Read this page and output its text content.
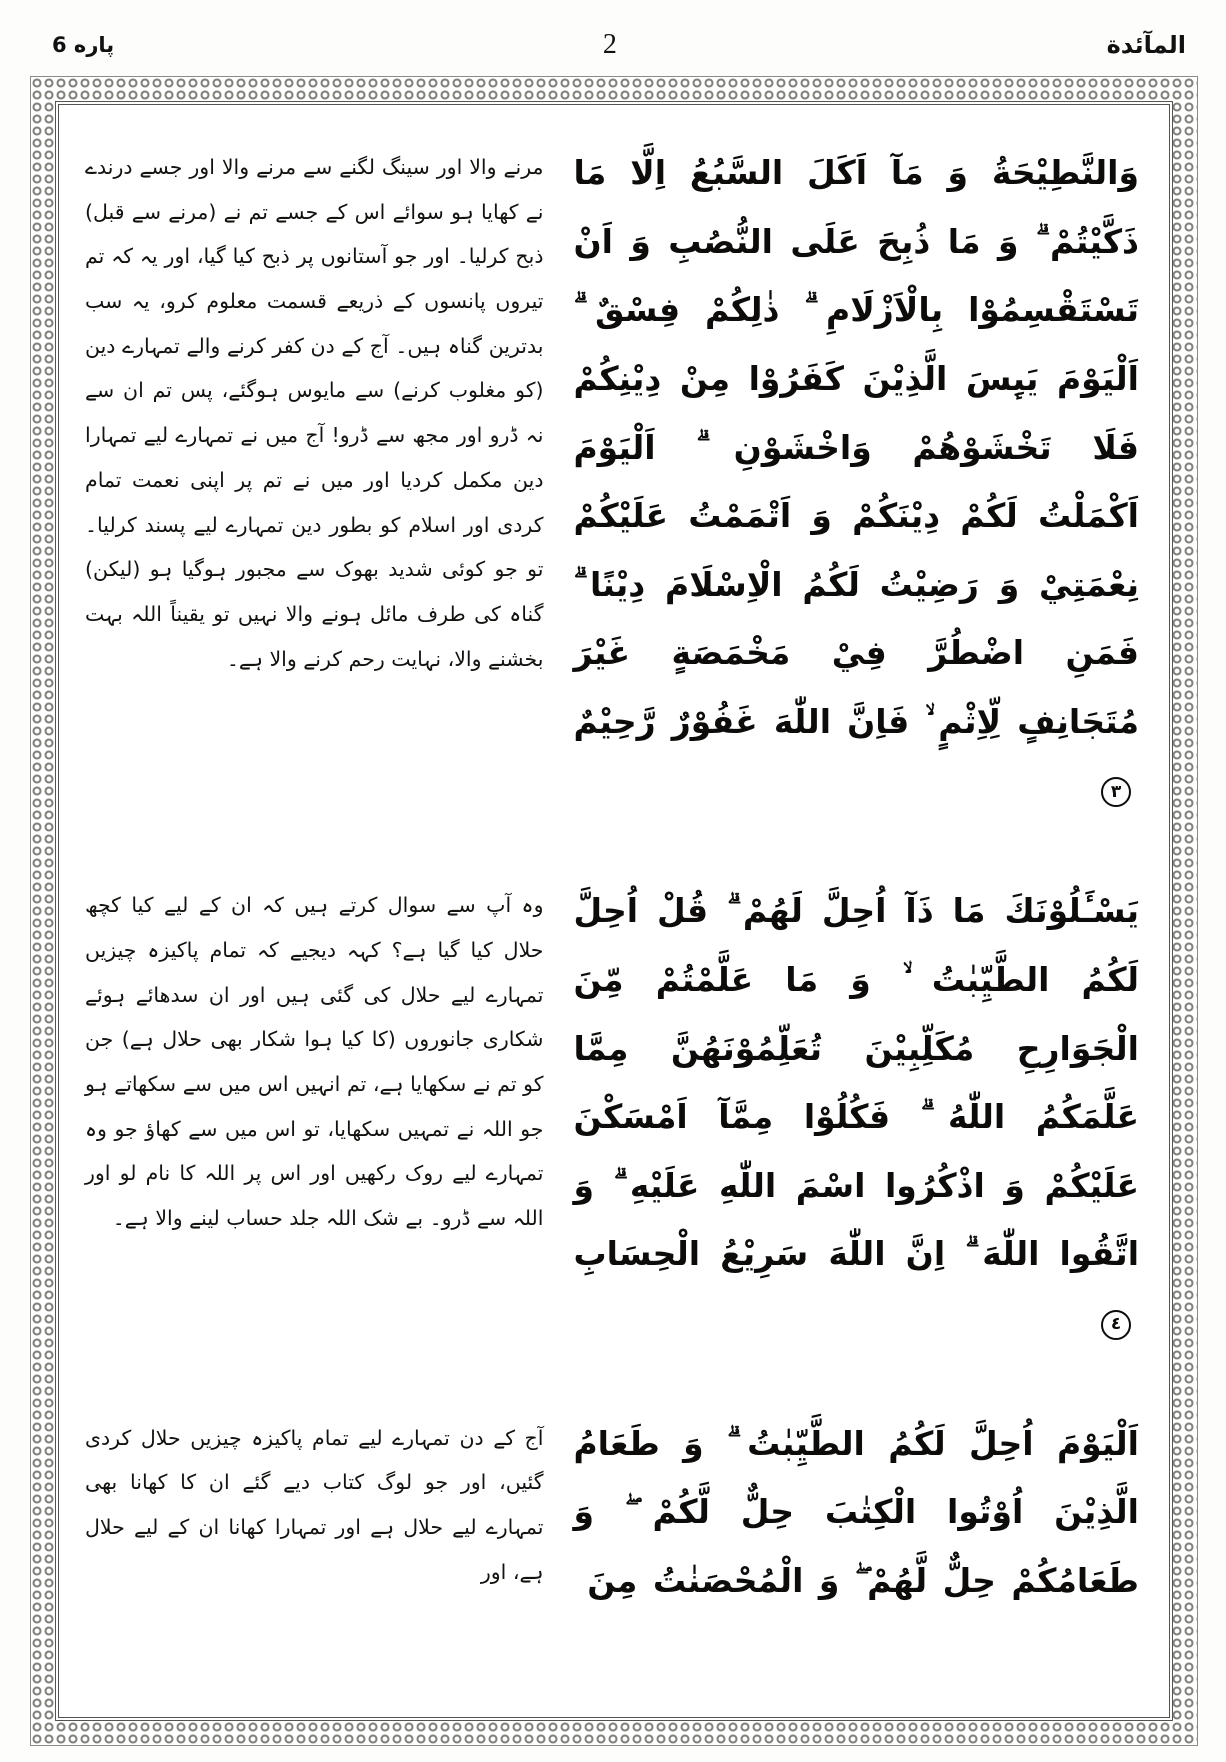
پاره 6	2	المآئدة
مرنے والا اور سینگ لگنے سے مرنے والا اور جسے درندے نے کھایا ہو سوائے اس کے جسے تم نے (مرنے سے قبل) ذبح کرلیا۔ اور جو آستانوں پر ذبح کیا گیا، اور یہ کہ تم تیروں پانسوں کے ذریعے قسمت معلوم کرو، یہ سب بدترین گناہ ہیں۔ آج کے دن کفر کرنے والے تمہارے دین (کو مغلوب کرنے) سے مایوس ہوگئے، پس تم ان سے نہ ڈرو اور مجھ سے ڈرو! آج میں نے تمہارے لیے تمہارا دین مکمل کردیا اور میں نے تم پر اپنی نعمت تمام کردی اور اسلام کو بطور دین تمہارے لیے پسند کرلیا۔ تو جو کوئی شدید بھوک سے مجبور ہوگیا ہو (لیکن) گناہ کی طرف مائل ہونے والا نہیں تو یقیناً اللہ بہت بخشنے والا، نہایت رحم کرنے والا ہے۔
وَالنَّطِيْحَةُ وَ مَآ اَكَلَ السَّبُعُ اِلَّا مَا ذَكَّيْتُمْ ۗ وَ مَا ذُبِحَ عَلَى النُّصُبِ وَ اَنْ تَسْتَقْسِمُوْا بِالْاَزْلَامِ ۗ ذٰلِكُمْ فِسْقٌ ۗ اَلْيَوْمَ يَىِٕسَ الَّذِيْنَ كَفَرُوْا مِنْ دِيْنِكُمْ فَلَا تَخْشَوْهُمْ وَاخْشَوْنِ ۗ اَلْيَوْمَ اَكْمَلْتُ لَكُمْ دِيْنَكُمْ وَ اَتْمَمْتُ عَلَيْكُمْ نِعْمَتِيْ وَ رَضِيْتُ لَكُمُ الْاِسْلَامَ دِيْنًا ۗ فَمَنِ اضْطُرَّ فِيْ مَخْمَصَةٍ غَيْرَ مُتَجَانِفٍ لِّاِثْمٍ ۙ فَاِنَّ اللّٰهَ غَفُوْرٌ رَّحِيْمٌ٣
وہ آپ سے سوال کرتے ہیں کہ ان کے لیے کیا کچھ حلال کیا گیا ہے؟ کہہ دیجیے کہ تمام پاکیزہ چیزیں تمہارے لیے حلال کی گئی ہیں اور ان سدھائے ہوئے شکاری جانوروں (کا کیا ہوا شکار بھی حلال ہے) جن کو تم نے سکھایا ہے، تم انہیں اس میں سے سکھاتے ہو جو اللہ نے تمہیں سکھایا، تو اس میں سے کھاؤ جو وہ تمہارے لیے روک رکھیں اور اس پر اللہ کا نام لو اور اللہ سے ڈرو۔ بے شک اللہ جلد حساب لینے والا ہے۔
يَسْـَٔلُوْنَكَ مَا ذَآ اُحِلَّ لَهُمْ ۗ قُلْ اُحِلَّ لَكُمُ الطَّيِّبٰتُ ۙ وَ مَا عَلَّمْتُمْ مِّنَ الْجَوَارِحِ مُكَلِّبِيْنَ تُعَلِّمُوْنَهُنَّ مِمَّا عَلَّمَكُمُ اللّٰهُ ۗ فَكُلُوْا مِمَّآ اَمْسَكْنَ عَلَيْكُمْ وَ اذْكُرُوا اسْمَ اللّٰهِ عَلَيْهِ ۗ وَ اتَّقُوا اللّٰهَ ۗ اِنَّ اللّٰهَ سَرِيْعُ الْحِسَابِ٤
آج کے دن تمہارے لیے تمام پاکیزہ چیزیں حلال کردی گئیں، اور جو لوگ کتاب دیے گئے ان کا کھانا بھی تمہارے لیے حلال ہے اور تمہارا کھانا ان کے لیے حلال ہے، اور
اَلْيَوْمَ اُحِلَّ لَكُمُ الطَّيِّبٰتُ ۗ وَ طَعَامُ الَّذِيْنَ اُوْتُوا الْكِتٰبَ حِلٌّ لَّكُمْ ۖ وَ طَعَامُكُمْ حِلٌّ لَّهُمْ ۖ وَ الْمُحْصَنٰتُ مِنَ
